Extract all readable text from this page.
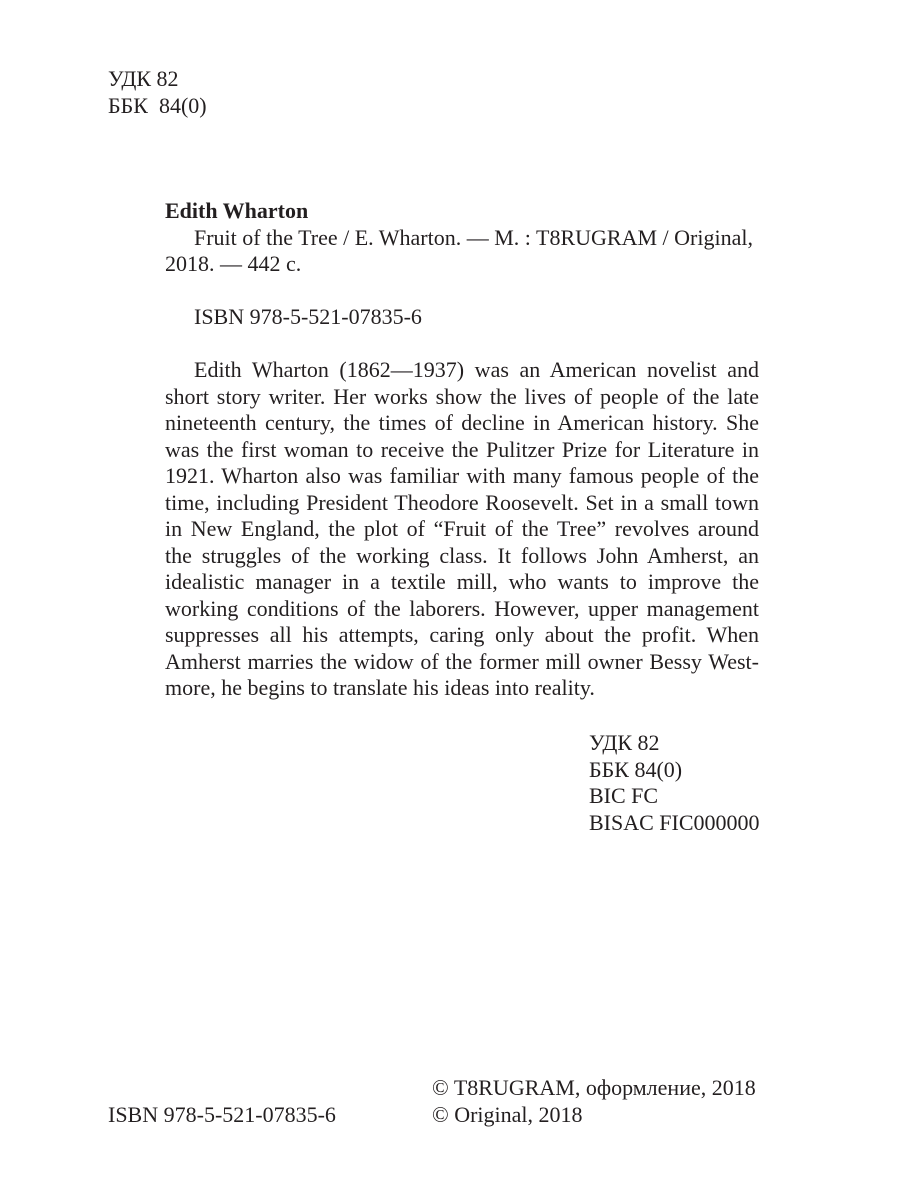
УДК 82
ББК  84(0)
Edith Wharton
Fruit of the Tree / E. Wharton. — M. : T8RUGRAM / Original,
2018. — 442 c.
ISBN 978-5-521-07835-6
Edith Wharton (1862—1937) was an American novelist and
short story writer. Her works show the lives of people of the late
nineteenth century, the times of decline in American history. She
was the first woman to receive the Pulitzer Prize for Literature in
1921. Wharton also was familiar with many famous people of the
time, including President Theodore Roosevelt. Set in a small town
in New England, the plot of “Fruit of the Tree” revolves around
the struggles of the working class. It follows John Amherst, an
idealistic manager in a textile mill, who wants to improve the
working conditions of the laborers. However, upper management
suppresses all his attempts, caring only about the profit. When
Amherst marries the widow of the former mill owner Bessy West-
more, he begins to translate his ideas into reality.
УДК 82
ББК 84(0)
BIC FC
BISAC FIC000000
ISBN 978-5-521-07835-6
© T8RUGRAM, оформление, 2018
© Original, 2018
